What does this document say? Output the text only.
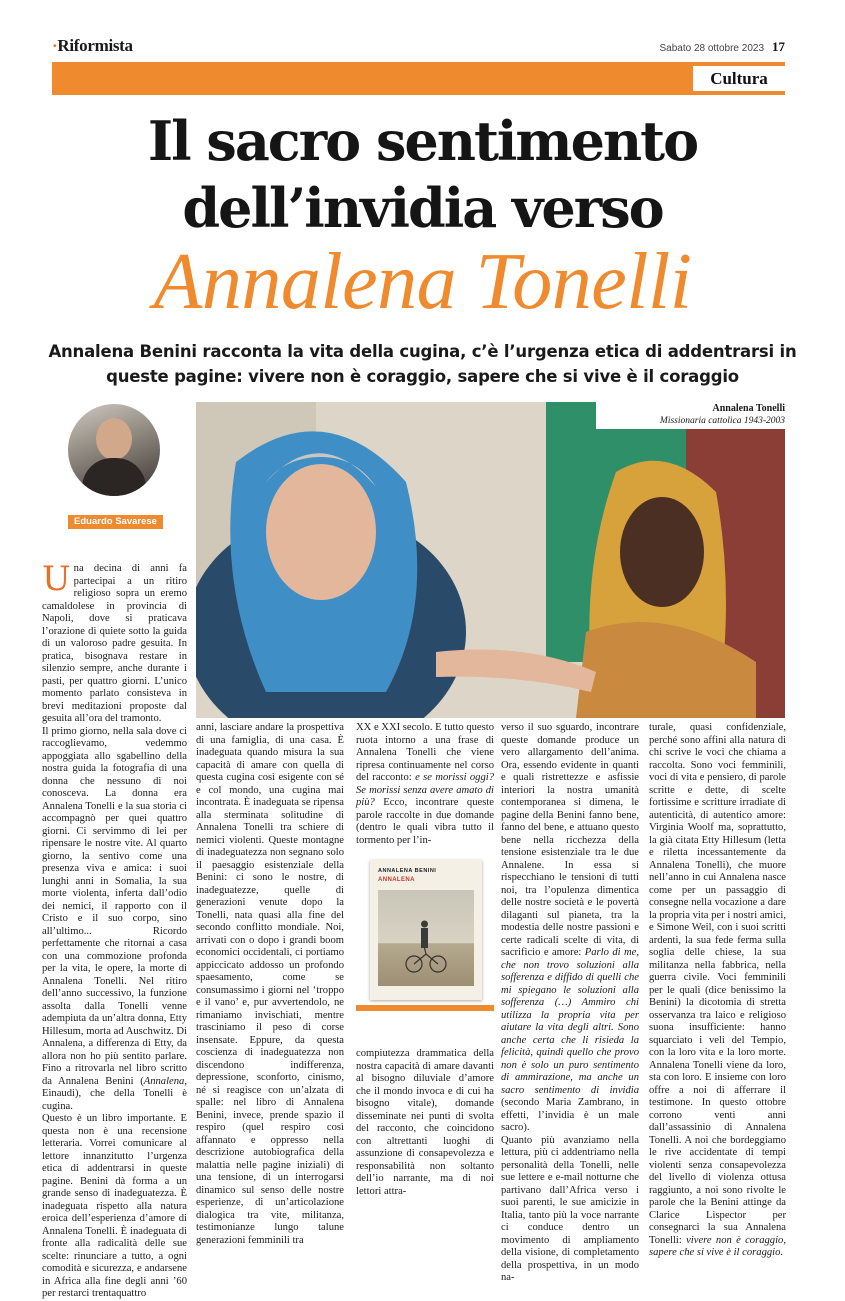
·Riformista	Sabato 28 ottobre 2023 17
Cultura
Il sacro sentimento
dell’invidia verso
Annalena Tonelli
Annalena Benini racconta la vita della cugina, c’è l’urgenza etica di addentrarsi in queste pagine: vivere non è coraggio, sapere che si vive è il coraggio
Eduardo Savarese
Annalena Tonelli
Missionaria cattolica 1943-2003

Una decina di anni fa partecipai a un ritiro religioso sopra un eremo camaldolese in provincia di Napoli, dove si praticava l’orazione di quiete sotto la guida di un valoroso padre gesuita. In pratica, bisognava restare in silenzio sempre, anche durante i pasti, per quattro giorni. L’unico momento parlato consisteva in brevi meditazioni proposte dal gesuita all’ora del tramonto.

Il primo giorno, nella sala dove ci raccoglievamo, vedemmo appoggiata allo sgabellino della nostra guida la fotografia di una donna che nessuno di noi conosceva. La donna era Annalena Tonelli e la sua storia ci accompagnò per quei quattro giorni. Ci servimmo di lei per ripensare le nostre vite. Al quarto giorno, la sentivo come una presenza viva e amica: i suoi lunghi anni in Somalia, la sua morte violenta, inferta dall’odio dei nemici, il rapporto con il Cristo e il suo corpo, sino all’ultimo... Ricordo perfettamente che ritornai a casa con una commozione profonda per la vita, le opere, la morte di Annalena Tonelli. Nel ritiro dell’anno successivo, la funzione assolta dalla Tonelli venne adempiuta da un’altra donna, Etty Hillesum, morta ad Auschwitz. Di Annalena, a differenza di Etty, da allora non ho più sentito parlare. Fino a ritrovarla nel libro scritto da Annalena Benini (Annalena, Einaudi), che della Tonelli è cugina.

Questo è un libro importante. E questa non è una recensione letteraria. Vorrei comunicare al lettore innanzitutto l’urgenza etica di addentrarsi in queste pagine. Benini dà forma a un grande senso di inadeguatezza. È inadeguata rispetto alla natura eroica dell’esperienza d’amore di Annalena Tonelli. È inadeguata di fronte alla radicalità delle sue scelte: rinunciare a tutto, a ogni comodità e sicurezza, e andarsene in Africa alla fine degli anni ’60 per restarci trentaquattro

anni, lasciare andare la prospettiva di una famiglia, di una casa. È inadeguata quando misura la sua capacità di amare con quella di questa cugina così esigente con sé e col mondo, una cugina mai incontrata. È inadeguata se ripensa alla sterminata solitudine di Annalena Tonelli tra schiere di nemici violenti. Queste montagne di inadeguatezza non segnano solo il paesaggio esistenziale della Benini: ci sono le nostre, di inadeguatezze, quelle di generazioni venute dopo la Tonelli, nata quasi alla fine del secondo conflitto mondiale. Noi, arrivati con o dopo i grandi boom economici occidentali, ci portiamo appiccicato addosso un profondo spaesamento, come se consumassimo i giorni nel ‘troppo e il vano’ e, pur avvertendolo, ne rimaniamo invischiati, mentre trasciniamo il peso di corse insensate. Eppure, da questa coscienza di inadeguatezza non discendono indifferenza, depressione, sconforto, cinismo, né si reagisce con un’alzata di spalle: nel libro di Annalena Benini, invece, prende spazio il respiro (quel respiro così affannato e oppresso nella descrizione autobiografica della malattia nelle pagine iniziali) di una tensione, di un interrogarsi dinamico sul senso delle nostre esperienze, di un’articolazione dialogica tra vite, militanza, testimonianze lungo talune generazioni femminili tra

XX e XXI secolo. E tutto questo ruota intorno a una frase di Annalena Tonelli che viene ripresa continuamente nel corso del racconto: e se morissi oggi? Se morissi senza avere amato di più? Ecco, incontrare queste parole raccolte in due domande (dentro le quali vibra tutto il tormento per l’in-

ANNALENA BENINI
ANNALENA

compiutezza drammatica della nostra capacità di amare davanti al bisogno diluviale d’amore che il mondo invoca e di cui ha bisogno vitale), domande disseminate nei punti di svolta del racconto, che coincidono con altrettanti luoghi di assunzione di consapevolezza e responsabilità non soltanto dell’io narrante, ma di noi lettori attra-

verso il suo sguardo, incontrare queste domande produce un vero allargamento dell’anima. Ora, essendo evidente in quanti e quali ristrettezze e asfissie interiori la nostra umanità contemporanea si dimena, le pagine della Benini fanno bene, fanno del bene, e attuano questo bene nella ricchezza della tensione esistenziale tra le due Annalene. In essa si rispecchiano le tensioni di tutti noi, tra l’opulenza dimentica delle nostre società e le povertà dilaganti sul pianeta, tra la modestia delle nostre passioni e certe radicali scelte di vita, di sacrificio e amore: Parlo di me, che non trovo soluzioni alla sofferenza e diffido di quelli che mi spiegano le soluzioni alla sofferenza (…) Ammiro chi utilizza la propria vita per aiutare la vita degli altri. Sono anche certa che li risieda la felicità, quindi quello che provo non è solo un puro sentimento di ammirazione, ma anche un sacro sentimento di invidia (secondo Maria Zambrano, in effetti, l’invidia è un male sacro).

Quanto più avanziamo nella lettura, più ci addentriamo nella personalità della Tonelli, nelle sue lettere e e-mail notturne che partivano dall’Africa verso i suoi parenti, le sue amicizie in Italia, tanto più la voce narrante ci conduce dentro un movimento di ampliamento della visione, di completamento della prospettiva, in un modo na-

turale, quasi confidenziale, perché sono affini alla natura di chi scrive le voci che chiama a raccolta. Sono voci femminili, voci di vita e pensiero, di parole scritte e dette, di scelte fortissime e scritture irradiate di autenticità, di autentico amore: Virginia Woolf ma, soprattutto, la già citata Etty Hillesum (letta e riletta incessantemente da Annalena Tonelli), che muore nell’anno in cui Annalena nasce come per un passaggio di consegne nella vocazione a dare la propria vita per i nostri amici, e Simone Weil, con i suoi scritti ardenti, la sua fede ferma sulla soglia delle chiese, la sua militanza nella fabbrica, nella guerra civile. Voci femminili per le quali (dice benissimo la Benini) la dicotomia di stretta osservanza tra laico e religioso suona insufficiente: hanno squarciato i veli del Tempio, con la loro vita e la loro morte. Annalena Tonelli viene da loro, sta con loro. E insieme con loro offre a noi di afferrare il testimone. In questo ottobre corrono venti anni dall’assassinio di Annalena Tonelli. A noi che bordeggiamo le rive accidentate di tempi violenti senza consapevolezza del livello di violenza ottusa raggiunto, a noi sono rivolte le parole che la Benini attinge da Clarice Lispector per consegnarci la sua Annalena Tonelli: vivere non è coraggio, sapere che si vive è il coraggio.
